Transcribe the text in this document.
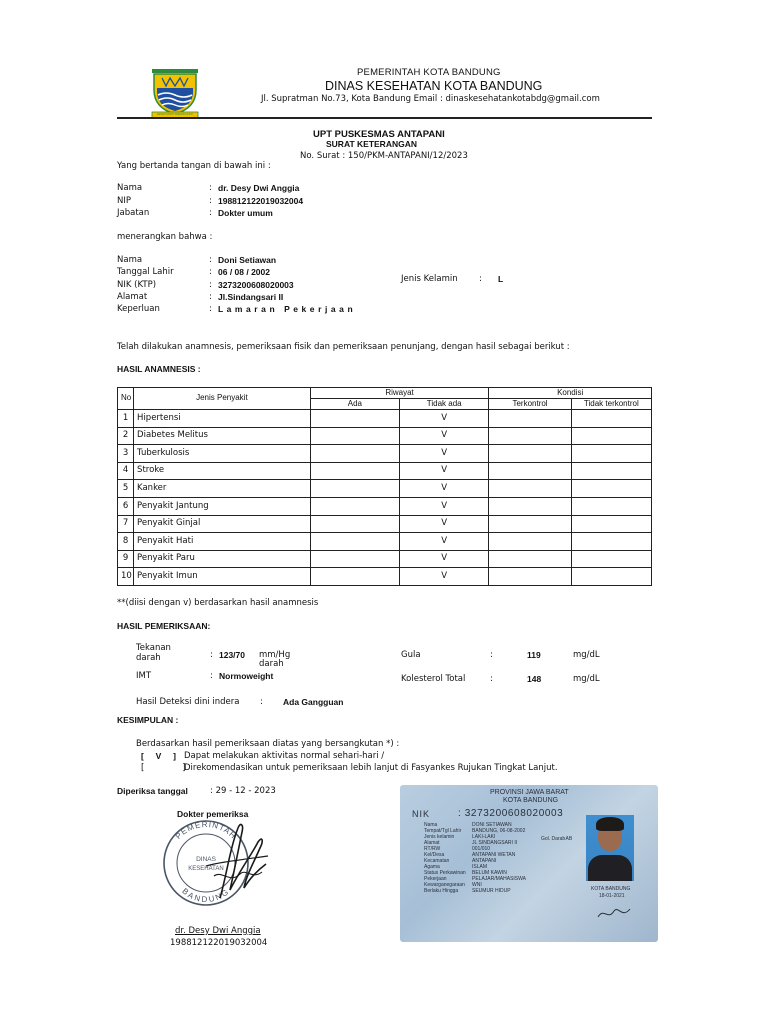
GEMAH RIPAH WIBAWA MUKTI
PEMERINTAH KOTA BANDUNG
DINAS KESEHATAN KOTA BANDUNG
Jl. Supratman No.73, Kota Bandung Email : dinaskesehatankotabdg@gmail.com
UPT PUSKESMAS ANTAPANI
SURAT KETERANGAN
No. Surat : 150/PKM-ANTAPANI/12/2023
Yang bertanda tangan di bawah ini :
Nama	: dr. Desy Dwi Anggia
NIP	: 198812122019032004
Jabatan	: Dokter umum
menerangkan bahwa :
Nama	: Doni Setiawan
Tanggal Lahir	: 06 / 08 / 2002
NIK (KTP)	: 3273200608020003
Alamat	: Jl.Sindangsari II
Keperluan	: L a m a r a n   P e k e r j a a n
Jenis Kelamin	: L
Telah dilakukan anamnesis, pemeriksaan fisik dan pemeriksaan penunjang, dengan hasil sebagai berikut :
HASIL ANAMNESIS :
No	Jenis Penyakit	Riwayat		Kondisi	
		Ada	Tidak ada	Terkontrol	Tidak terkontrol
1	Hipertensi		V		
2	Diabetes Melitus		V		
3	Tuberkulosis		V		
4	Stroke		V		
5	Kanker		V		
6	Penyakit Jantung		V		
7	Penyakit Ginjal		V		
8	Penyakit Hati		V		
9	Penyakit Paru		V		
10	Penyakit Imun		V		
**(diisi dengan v) berdasarkan hasil anamnesis
HASIL PEMERIKSAAN:
Tekanan
darah	: 123/70 mm/Hg
darah
IMT	: Normoweight
Gula	:	119	mg/dL
Kolesterol Total	:	148	mg/dL
Hasil Deteksi dini indera : Ada Gangguan
KESIMPULAN :
Berdasarkan hasil pemeriksaan diatas yang bersangkutan *) :
[     V     ] Dapat melakukan aktivitas normal sehari-hari /
[              ]
Direkomendasikan untuk pemeriksaan lebih lanjut di Fasyankes Rujukan Tingkat Lanjut.
Diperiksa tanggal	: 29 - 12 - 2023
Dokter pemeriksa
PEMERINTAH
BANDUNG
DINAS
KESEHATAN
dr. Desy Dwi Anggia
198812122019032004
PROVINSI JAWA BARAT
KOTA BANDUNG
NIK	: 3273200608020003
Nama	DONI SETIAWAN
Tempat/Tgl Lahir BANDUNG, 06-08-2002
Jenis kelamin	LAKI-LAKI
Alamat	JL SINDANGSARI II
RT/RW	001/010
Kel/Desa	ANTAPANI WETAN
Kecamatan	ANTAPANI
Agama	ISLAM
Status Perkawinan BELUM KAWIN
Pekerjaan	PELAJAR/MAHASISWA
Kewarganegaraan WNI
Berlaku Hingga	SEUMUR HIDUP
Gol. Darah
: AB
KOTA BANDUNG
18-01-2021
